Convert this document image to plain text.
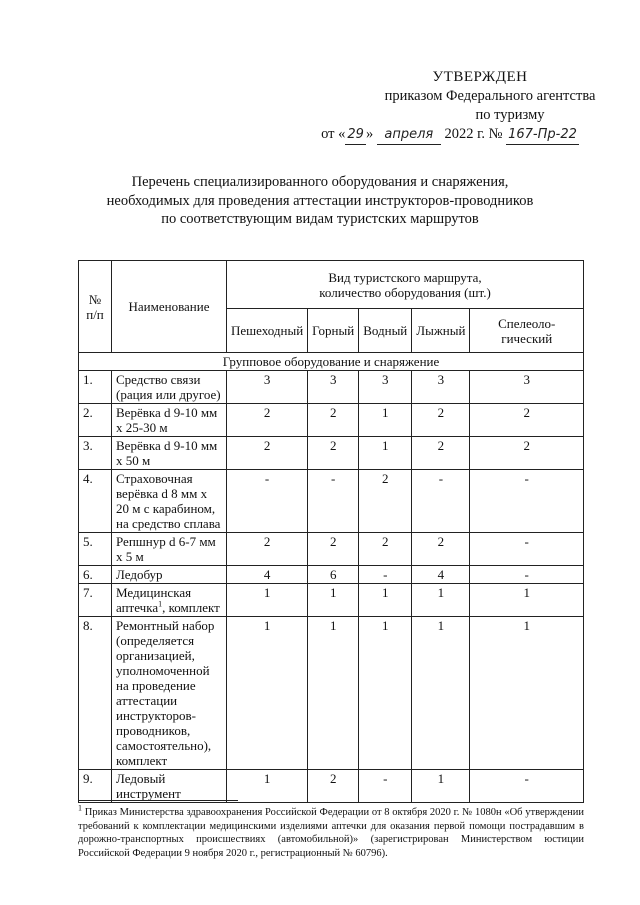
УТВЕРЖДЕН
приказом Федерального агентства
по туризму
от « 29 » апреля 2022 г. № 167-Пр-22
Перечень специализированного оборудования и снаряжения,
необходимых для проведения аттестации инструкторов-проводников
по соответствующим видам туристских маршрутов
№ п/п	Наименование	Вид туристского маршрута,
количество оборудования (шт.)				

		Пешеходный	Горный	Водный	Лыжный	Спелеоло-гический
Групповое оборудование и снаряжение						
1.	Средство связи (рация или другое)	3	3	3	3	3
2.	Верёвка d 9-10 мм х 25-30 м	2	2	1	2	2
3.	Верёвка d 9-10 мм х 50 м	2	2	1	2	2
4.	Страховочная верёвка d 8 мм х 20 м с карабином, на средство сплава	-	-	2	-	-
5.	Репшнур d 6-7 мм х 5 м	2	2	2	2	-
6.	Ледобур	4	6	-	4	-
7.	Медицинская аптечка$^1$, комплект	1	1	1	1	1
8.	Ремонтный набор (определяется организацией, уполномоченной на проведение аттестации инструкторов-проводников, самостоятельно), комплект	1	1	1	1	1
9.	Ледовый инструмент	1	2	-	1	-
$^1$ Приказ Министерства здравоохранения Российской Федерации от 8 октября 2020 г. № 1080н «Об утверждении требований к комплектации медицинскими изделиями аптечки для оказания первой помощи пострадавшим в дорожно-транспортных происшествиях (автомобильной)» (зарегистрирован Министерством юстиции Российской Федерации 9 ноября 2020 г., регистрационный № 60796).
